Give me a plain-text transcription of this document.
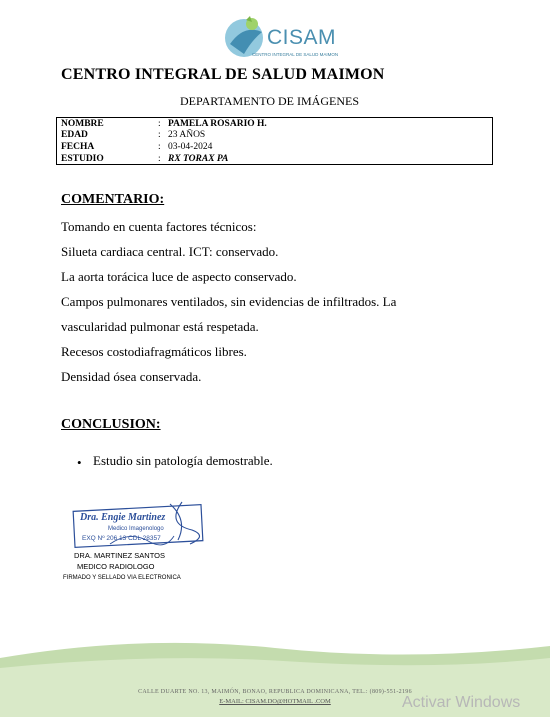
CISAM
CENTRO INTEGRAL DE SALUD MAIMON
CENTRO INTEGRAL DE SALUD MAIMON
DEPARTAMENTO DE IMÁGENES
NOMBRE	: PAMELA ROSARIO H.
EDAD	: 23 AÑOS
FECHA	: 03-04-2024
ESTUDIO	: RX TORAX PA
COMENTARIO:
Tomando en cuenta factores técnicos:
Silueta cardiaca central. ICT: conservado.
La aorta torácica luce de aspecto conservado.
Campos pulmonares ventilados, sin evidencias de infiltrados. La
vascularidad pulmonar está respetada.
Recesos costodiafragmáticos libres.
Densidad ósea conservada.
CONCLUSION:
• Estudio sin patología demostrable.
Dra. Engie Martinez
Medico Imagenologo
EXQ Nº 206 13 CDL 28357
DRA. MARTINEZ SANTOS
MEDICO RADIOLOGO
FIRMADO Y SELLADO VIA ELECTRONICA
CALLE DUARTE NO. 13, MAIMÓN, BONAO, REPUBLICA DOMINICANA, TEL.: (809)-551-2196
E-MAIL: CISAM.DO@HOTMAIL .COM	Activar Windows
